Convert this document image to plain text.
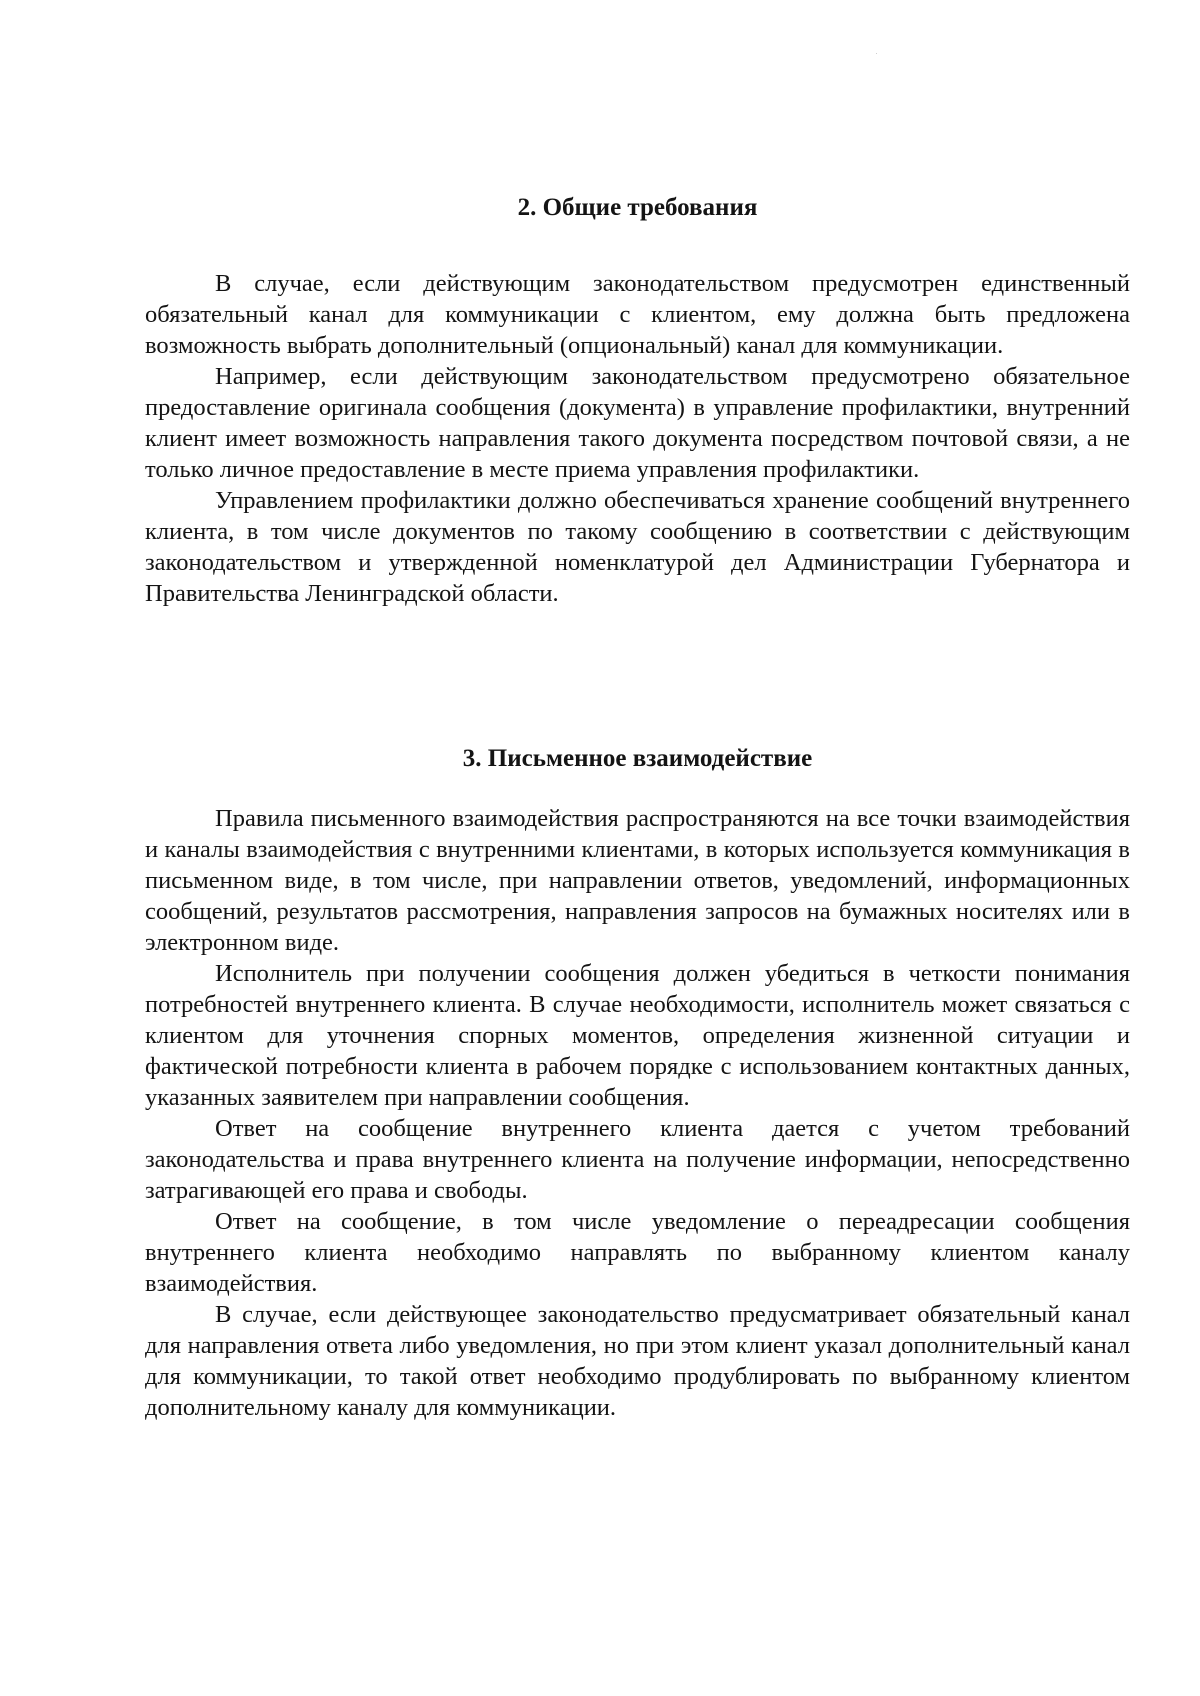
2. Общие требования

В случае, если действующим законодательством предусмотрен единственный обязательный канал для коммуникации с клиентом, ему должна быть предложена возможность выбрать дополнительный (опциональный) канал для коммуникации.

Например, если действующим законодательством предусмотрено обязательное предоставление оригинала сообщения (документа) в управление профилактики, внутренний клиент имеет возможность направления такого документа посредством почтовой связи, а не только личное предоставление в месте приема управления профилактики.

Управлением профилактики должно обеспечиваться хранение сообщений внутреннего клиента, в том числе документов по такому сообщению в соответствии с действующим законодательством и утвержденной номенклатурой дел Администрации Губернатора и Правительства Ленинградской области.

3. Письменное взаимодействие

Правила письменного взаимодействия распространяются на все точки взаимодействия и каналы взаимодействия с внутренними клиентами, в которых используется коммуникация в письменном виде, в том числе, при направлении ответов, уведомлений, информационных сообщений, результатов рассмотрения, направления запросов на бумажных носителях или в электронном виде.

Исполнитель при получении сообщения должен убедиться в четкости понимания потребностей внутреннего клиента. В случае необходимости, исполнитель может связаться с клиентом для уточнения спорных моментов, определения жизненной ситуации и фактической потребности клиента в рабочем порядке с использованием контактных данных, указанных заявителем при направлении сообщения.

Ответ на сообщение внутреннего клиента дается с учетом требований законодательства и права внутреннего клиента на получение информации, непосредственно затрагивающей его права и свободы.

Ответ на сообщение, в том числе уведомление о переадресации сообщения внутреннего клиента необходимо направлять по выбранному клиентом каналу взаимодействия.

В случае, если действующее законодательство предусматривает обязательный канал для направления ответа либо уведомления, но при этом клиент указал дополнительный канал для коммуникации, то такой ответ необходимо продублировать по выбранному клиентом дополнительному каналу для коммуникации.
